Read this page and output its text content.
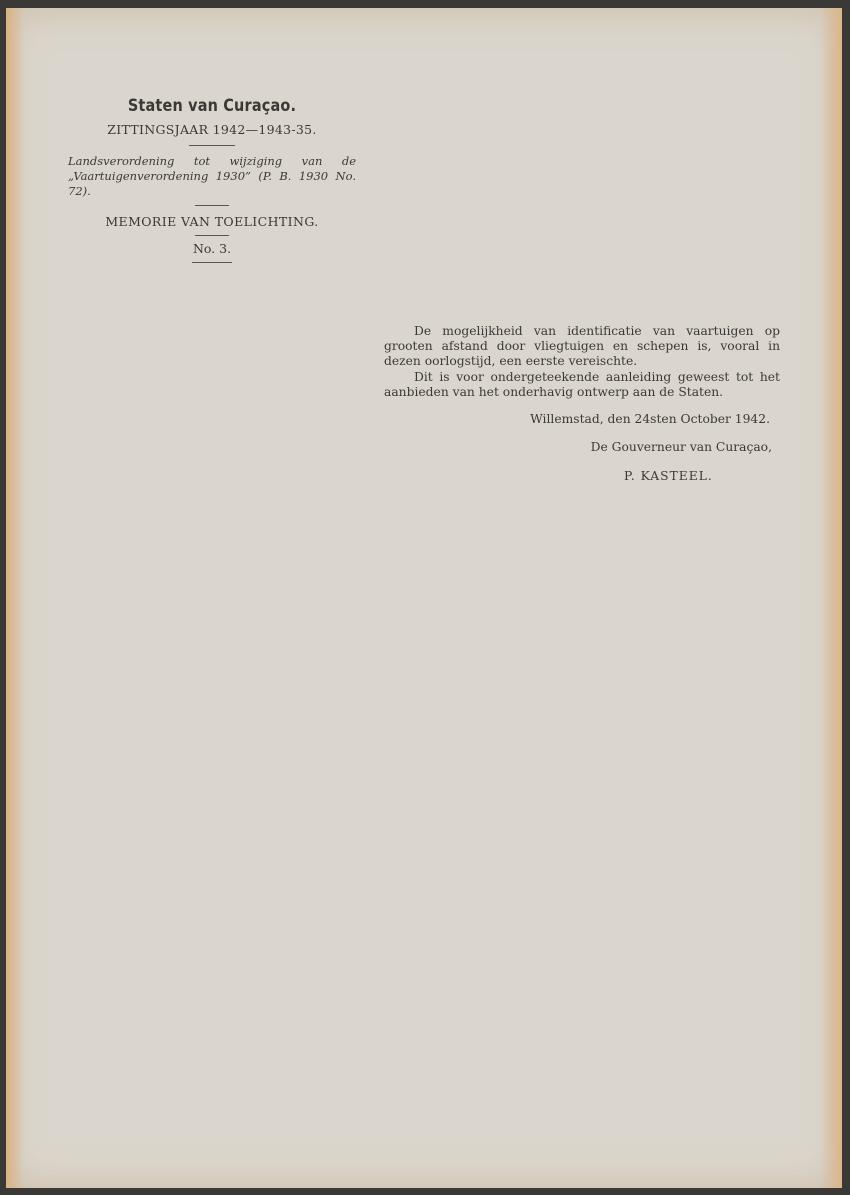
Staten van Curaçao.
ZITTINGSJAAR 1942—1943-35.
Landsverordening tot wijziging van de „Vaartuigenverordening 1930” (P. B. 1930 No. 72).
MEMORIE VAN TOELICHTING.
No. 3.

De mogelijkheid van identificatie van vaartuigen op grooten afstand door vliegtuigen en schepen is, vooral in dezen oorlogstijd, een eerste vereischte.

Dit is voor ondergeteekende aanleiding geweest tot het aanbieden van het onderhavig ontwerp aan de Staten.

Willemstad, den 24sten October 1942.
De Gouverneur van Curaçao,
P. KASTEEL.
